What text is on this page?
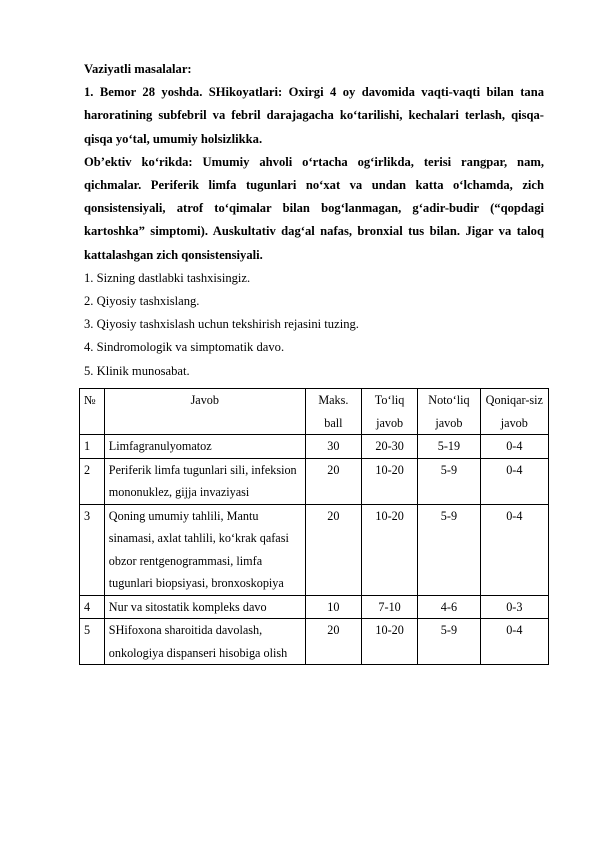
Vaziyatli masalalar:

1. Bemor 28 yoshda. SHikoyatlari: Oxirgi 4 oy davomida vaqti-vaqti bilan tana haroratining subfebril va febril darajagacha ko‘tarilishi, kechalari terlash, qisqa-qisqa yo‘tal, umumiy holsizlikka.

Ob’ektiv ko‘rikda: Umumiy ahvoli o‘rtacha og‘irlikda, terisi rangpar, nam, qichmalar. Periferik limfa tugunlari no‘xat va undan katta o‘lchamda, zich qonsistensiyali, atrof to‘qimalar bilan bog‘lanmagan, g‘adir-budir (“qopdagi kartoshka” simptomi). Auskultativ dag‘al nafas, bronxial tus bilan. Jigar va taloq kattalashgan zich qonsistensiyali.

1. Sizning dastlabki tashxisingiz.

2. Qiyosiy tashxislang.

3. Qiyosiy tashxislash uchun tekshirish rejasini tuzing.

4. Sindromologik va simptomatik davo.

5. Klinik munosabat.

№	Javob	Maks. ball	To‘liq javob	Noto‘liq javob	Qoniqar-siz javob
1	Limfagranulyomatoz	30	20-30	5-19	0-4
2	Periferik limfa tugunlari sili, infeksion mononuklez, gijja invaziyasi	20	10-20	5-9	0-4
3	Qoning umumiy tahlili, Mantu sinamasi, axlat tahlili, ko‘krak qafasi obzor rentgenogrammasi, limfa tugunlari biopsiyasi, bronxoskopiya	20	10-20	5-9	0-4
4	Nur va sitostatik kompleks davo	10	7-10	4-6	0-3
5	SHifoxona sharoitida davolash, onkologiya dispanseri hisobiga olish	20	10-20	5-9	0-4
